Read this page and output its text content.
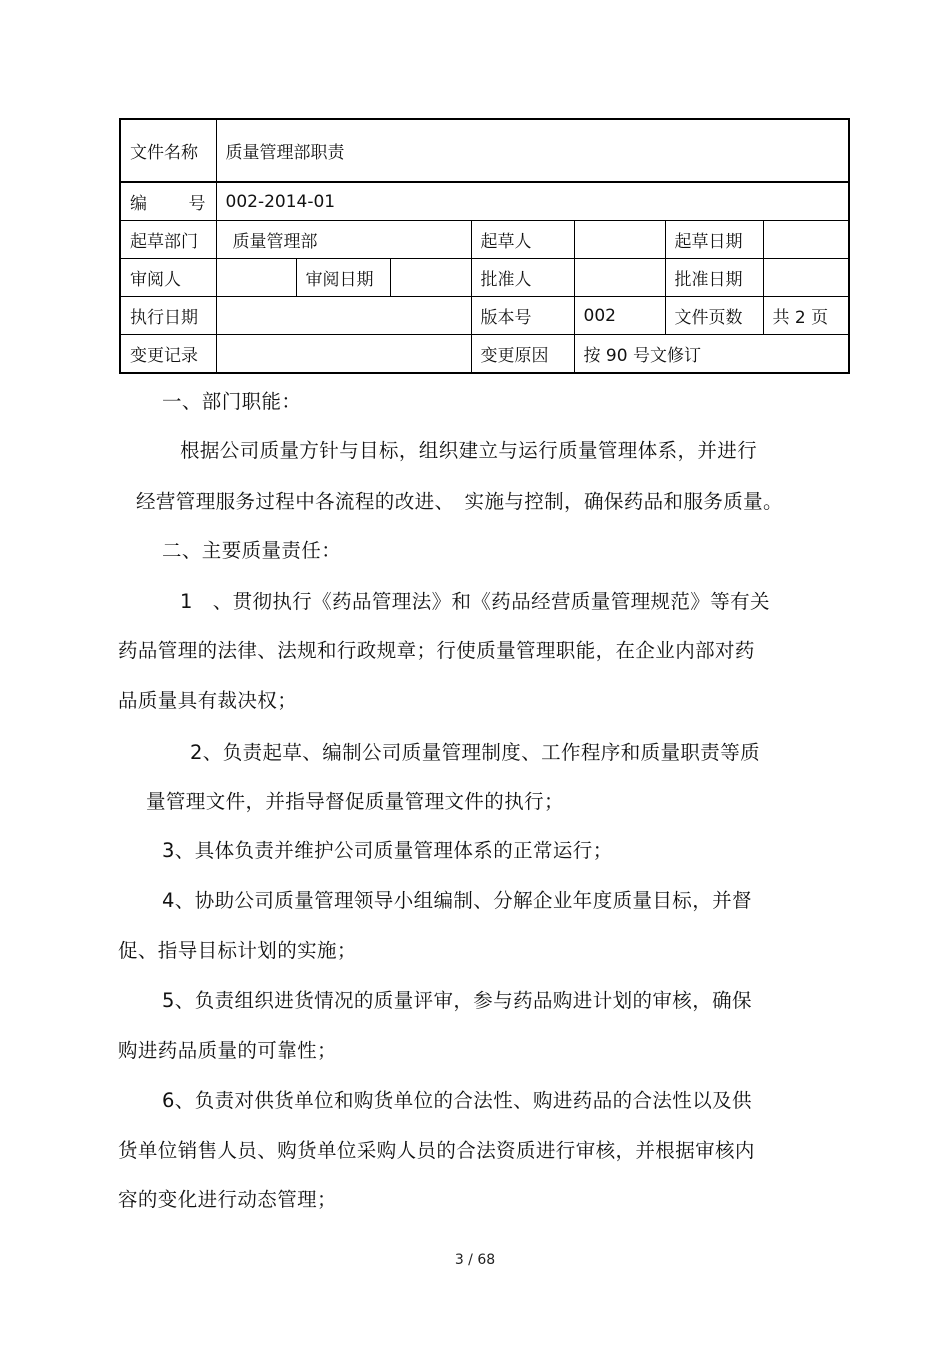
文件名称	质量管理部职责						
编　　号	002-2014-01						
起草部门	质量管理部			起草人		起草日期	
审阅人		审阅日期		批准人		批准日期	
执行日期				版本号	002	文件页数	共 2 页
变更记录				变更原因	按 90 号文修订		
一、部门职能：
根据公司质量方针与目标，组织建立与运行质量管理体系，并进行
经营管理服务过程中各流程的改进、　实施与控制，确保药品和服务质量。
二、主要质量责任：
1　、贯彻执行《药品管理法》和《药品经营质量管理规范》等有关
药品管理的法律、法规和行政规章；行使质量管理职能，在企业内部对药
品质量具有裁决权；
2、负责起草、编制公司质量管理制度、工作程序和质量职责等质
量管理文件，并指导督促质量管理文件的执行；
3、具体负责并维护公司质量管理体系的正常运行；
4、协助公司质量管理领导小组编制、分解企业年度质量目标，并督
促、指导目标计划的实施；
5、负责组织进货情况的质量评审，参与药品购进计划的审核，确保
购进药品质量的可靠性；
6、负责对供货单位和购货单位的合法性、购进药品的合法性以及供
货单位销售人员、购货单位采购人员的合法资质进行审核，并根据审核内
容的变化进行动态管理；
3 / 68
